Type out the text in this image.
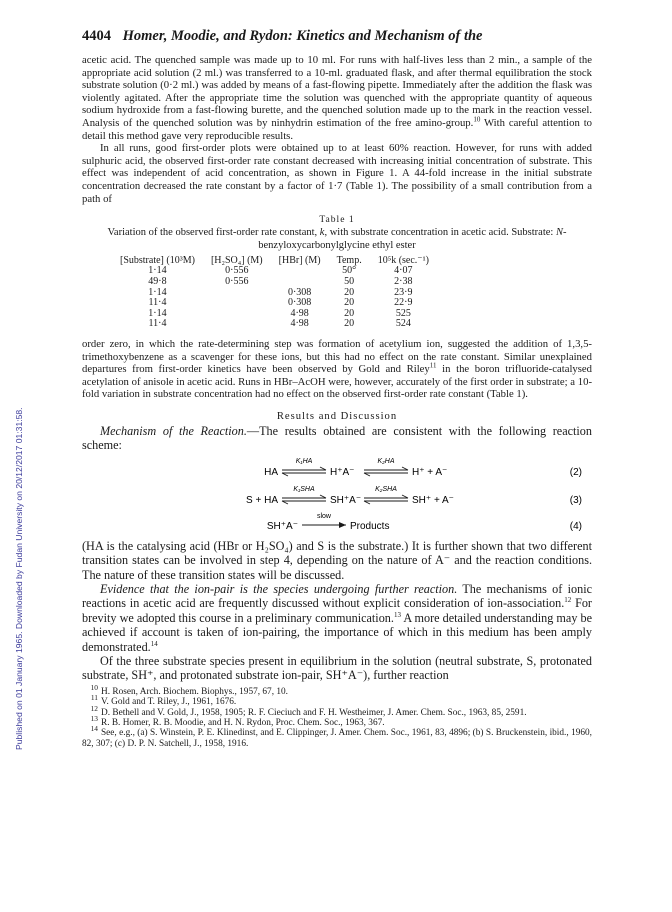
Published on 01 January 1965. Downloaded by Fudan University on 20/12/2017 01:31:58.
4404 Homer, Moodie, and Rydon: Kinetics and Mechanism of the

acetic acid. The quenched sample was made up to 10 ml. For runs with half-lives less than 2 min., a sample of the appropriate acid solution (2 ml.) was transferred to a 10-ml. graduated flask, and after thermal equilibration the stock substrate solution (0·2 ml.) was added by means of a fast-flowing pipette. Immediately after the addition the flask was violently agitated. After the appropriate time the solution was quenched with the appropriate quantity of aqueous sodium hydroxide from a fast-flowing burette, and the quenched solution made up to the mark in the reaction vessel. Analysis of the quenched solution was by ninhydrin estimation of the free amino-group.$^{10}$ With careful attention to detail this method gave very reproducible results.

In all runs, good first-order plots were obtained up to at least 60% reaction. However, for runs with added sulphuric acid, the observed first-order rate constant decreased with increasing initial concentration of substrate. This effect was independent of acid concentration, as shown in Figure 1. A 44-fold increase in the initial substrate concentration decreased the rate constant by a factor of 1·7 (Table 1). The possibility of a small contribution from a path of

Table 1
Variation of the observed first-order rate constant, k, with substrate concentration in acetic acid. Substrate: N-benzyloxycarbonylglycine ethyl ester
[Substrate] (10³M)	[H₂SO₄] (M)	[HBr] (M)	Temp.	10⁵k (sec.⁻¹)
1·14	0·556		50°	4·07
49·8	0·556		50	2·38
1·14		0·308	20	23·9
11·4		0·308	20	22·9
1·14		4·98	20	525
11·4		4·98	20	524

order zero, in which the rate-determining step was formation of acetylium ion, suggested the addition of 1,3,5-trimethoxybenzene as a scavenger for these ions, but this had no effect on the rate constant. Similar unexplained departures from first-order kinetics have been observed by Gold and Riley$^{11}$ in the boron trifluoride-catalysed acetylation of anisole in acetic acid. Runs in HBr–AcOH were, however, accurately of the first order in substrate; a 10-fold variation in substrate concentration had no effect on the observed first-order rate constant (Table 1).

Results and Discussion

Mechanism of the Reaction.—The results obtained are consistent with the following reaction scheme:

HA
K₁HA
H⁺A⁻
K₂HA
H⁺ + A⁻	(2)
S + HA
K₁SHA
SH⁺A⁻
K₂SHA
SH⁺ + A⁻	(3)
SH⁺A⁻
slow
Products	(4)

(HA is the catalysing acid (HBr or H₂SO₄) and S is the substrate.) It is further shown that two different transition states can be involved in step 4, depending on the nature of A⁻ and the reaction conditions. The nature of these transition states will be discussed.

Evidence that the ion-pair is the species undergoing further reaction. The mechanisms of ionic reactions in acetic acid are frequently discussed without explicit consideration of ion-association.$^{12}$ For brevity we adopted this course in a preliminary communication.$^{13}$ A more detailed understanding may be achieved if account is taken of ion-pairing, the importance of which in this medium has been amply demonstrated.$^{14}$

Of the three substrate species present in equilibrium in the solution (neutral substrate, S, protonated substrate, SH⁺, and protonated substrate ion-pair, SH⁺A⁻), further reaction

10 H. Rosen, Arch. Biochem. Biophys., 1957, 67, 10.

11 V. Gold and T. Riley, J., 1961, 1676.

12 D. Bethell and V. Gold, J., 1958, 1905; R. F. Cieciuch and F. H. Westheimer, J. Amer. Chem. Soc., 1963, 85, 2591.

13 R. B. Homer, R. B. Moodie, and H. N. Rydon, Proc. Chem. Soc., 1963, 367.

14 See, e.g., (a) S. Winstein, P. E. Klinedinst, and E. Clippinger, J. Amer. Chem. Soc., 1961, 83, 4896; (b) S. Bruckenstein, ibid., 1960, 82, 307; (c) D. P. N. Satchell, J., 1958, 1916.
